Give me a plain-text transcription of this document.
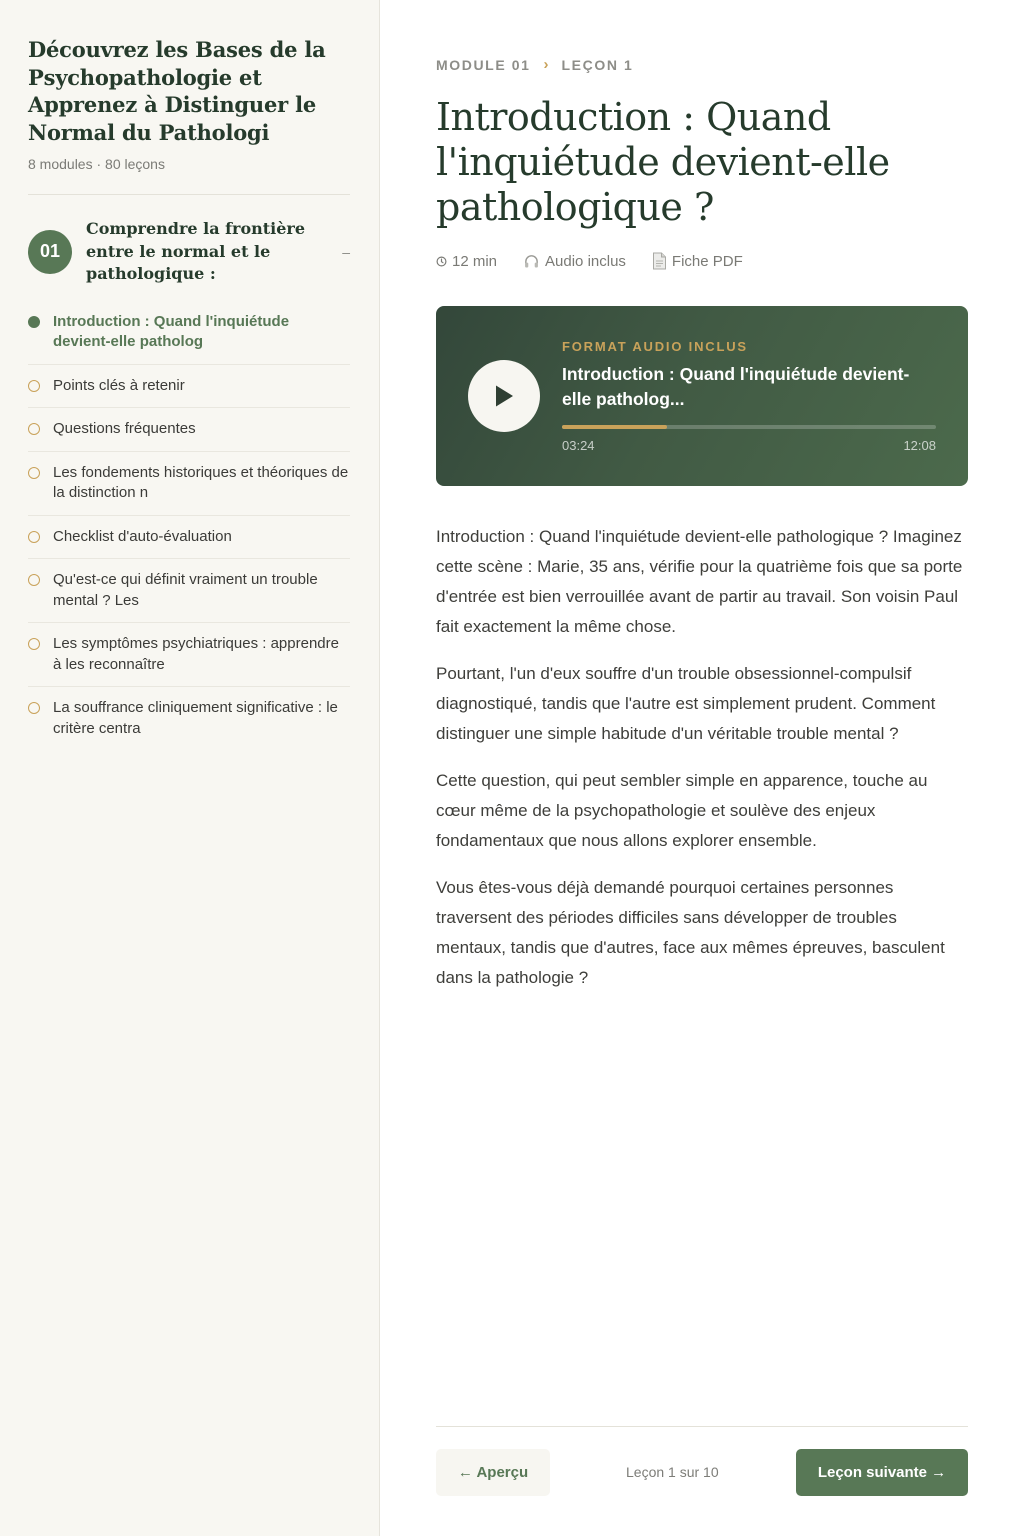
Découvrez les Bases de la Psychopathologie et Apprenez à Distinguer le Normal du Pathologi
8 modules · 80 leçons
01
Comprendre la frontière entre le normal et le pathologique :
–
Introduction : Quand l'inquiétude devient-elle patholog
Points clés à retenir
Questions fréquentes
Les fondements historiques et théoriques de la distinction n
Checklist d'auto-évaluation
Qu'est-ce qui définit vraiment un trouble mental ? Les
Les symptômes psychiatriques : apprendre à les reconnaître
La souffrance cliniquement significative : le critère centra
MODULE 01 › LEÇON 1
Introduction : Quand l'inquiétude devient-elle pathologique ?
12 min	Audio inclus	Fiche PDF
FORMAT AUDIO INCLUS
Introduction : Quand l'inquiétude devient-elle patholog...
03:24	12:08

Introduction : Quand l'inquiétude devient-elle pathologique ? Imaginez cette scène : Marie, 35 ans, vérifie pour la quatrième fois que sa porte d'entrée est bien verrouillée avant de partir au travail. Son voisin Paul fait exactement la même chose.

Pourtant, l'un d'eux souffre d'un trouble obsessionnel-compulsif diagnostiqué, tandis que l'autre est simplement prudent. Comment distinguer une simple habitude d'un véritable trouble mental ?

Cette question, qui peut sembler simple en apparence, touche au cœur même de la psychopathologie et soulève des enjeux fondamentaux que nous allons explorer ensemble.

Vous êtes-vous déjà demandé pourquoi certaines personnes traversent des périodes difficiles sans développer de troubles mentaux, tandis que d'autres, face aux mêmes épreuves, basculent dans la pathologie ?

← Aperçu	Leçon 1 sur 10	Leçon suivante →
